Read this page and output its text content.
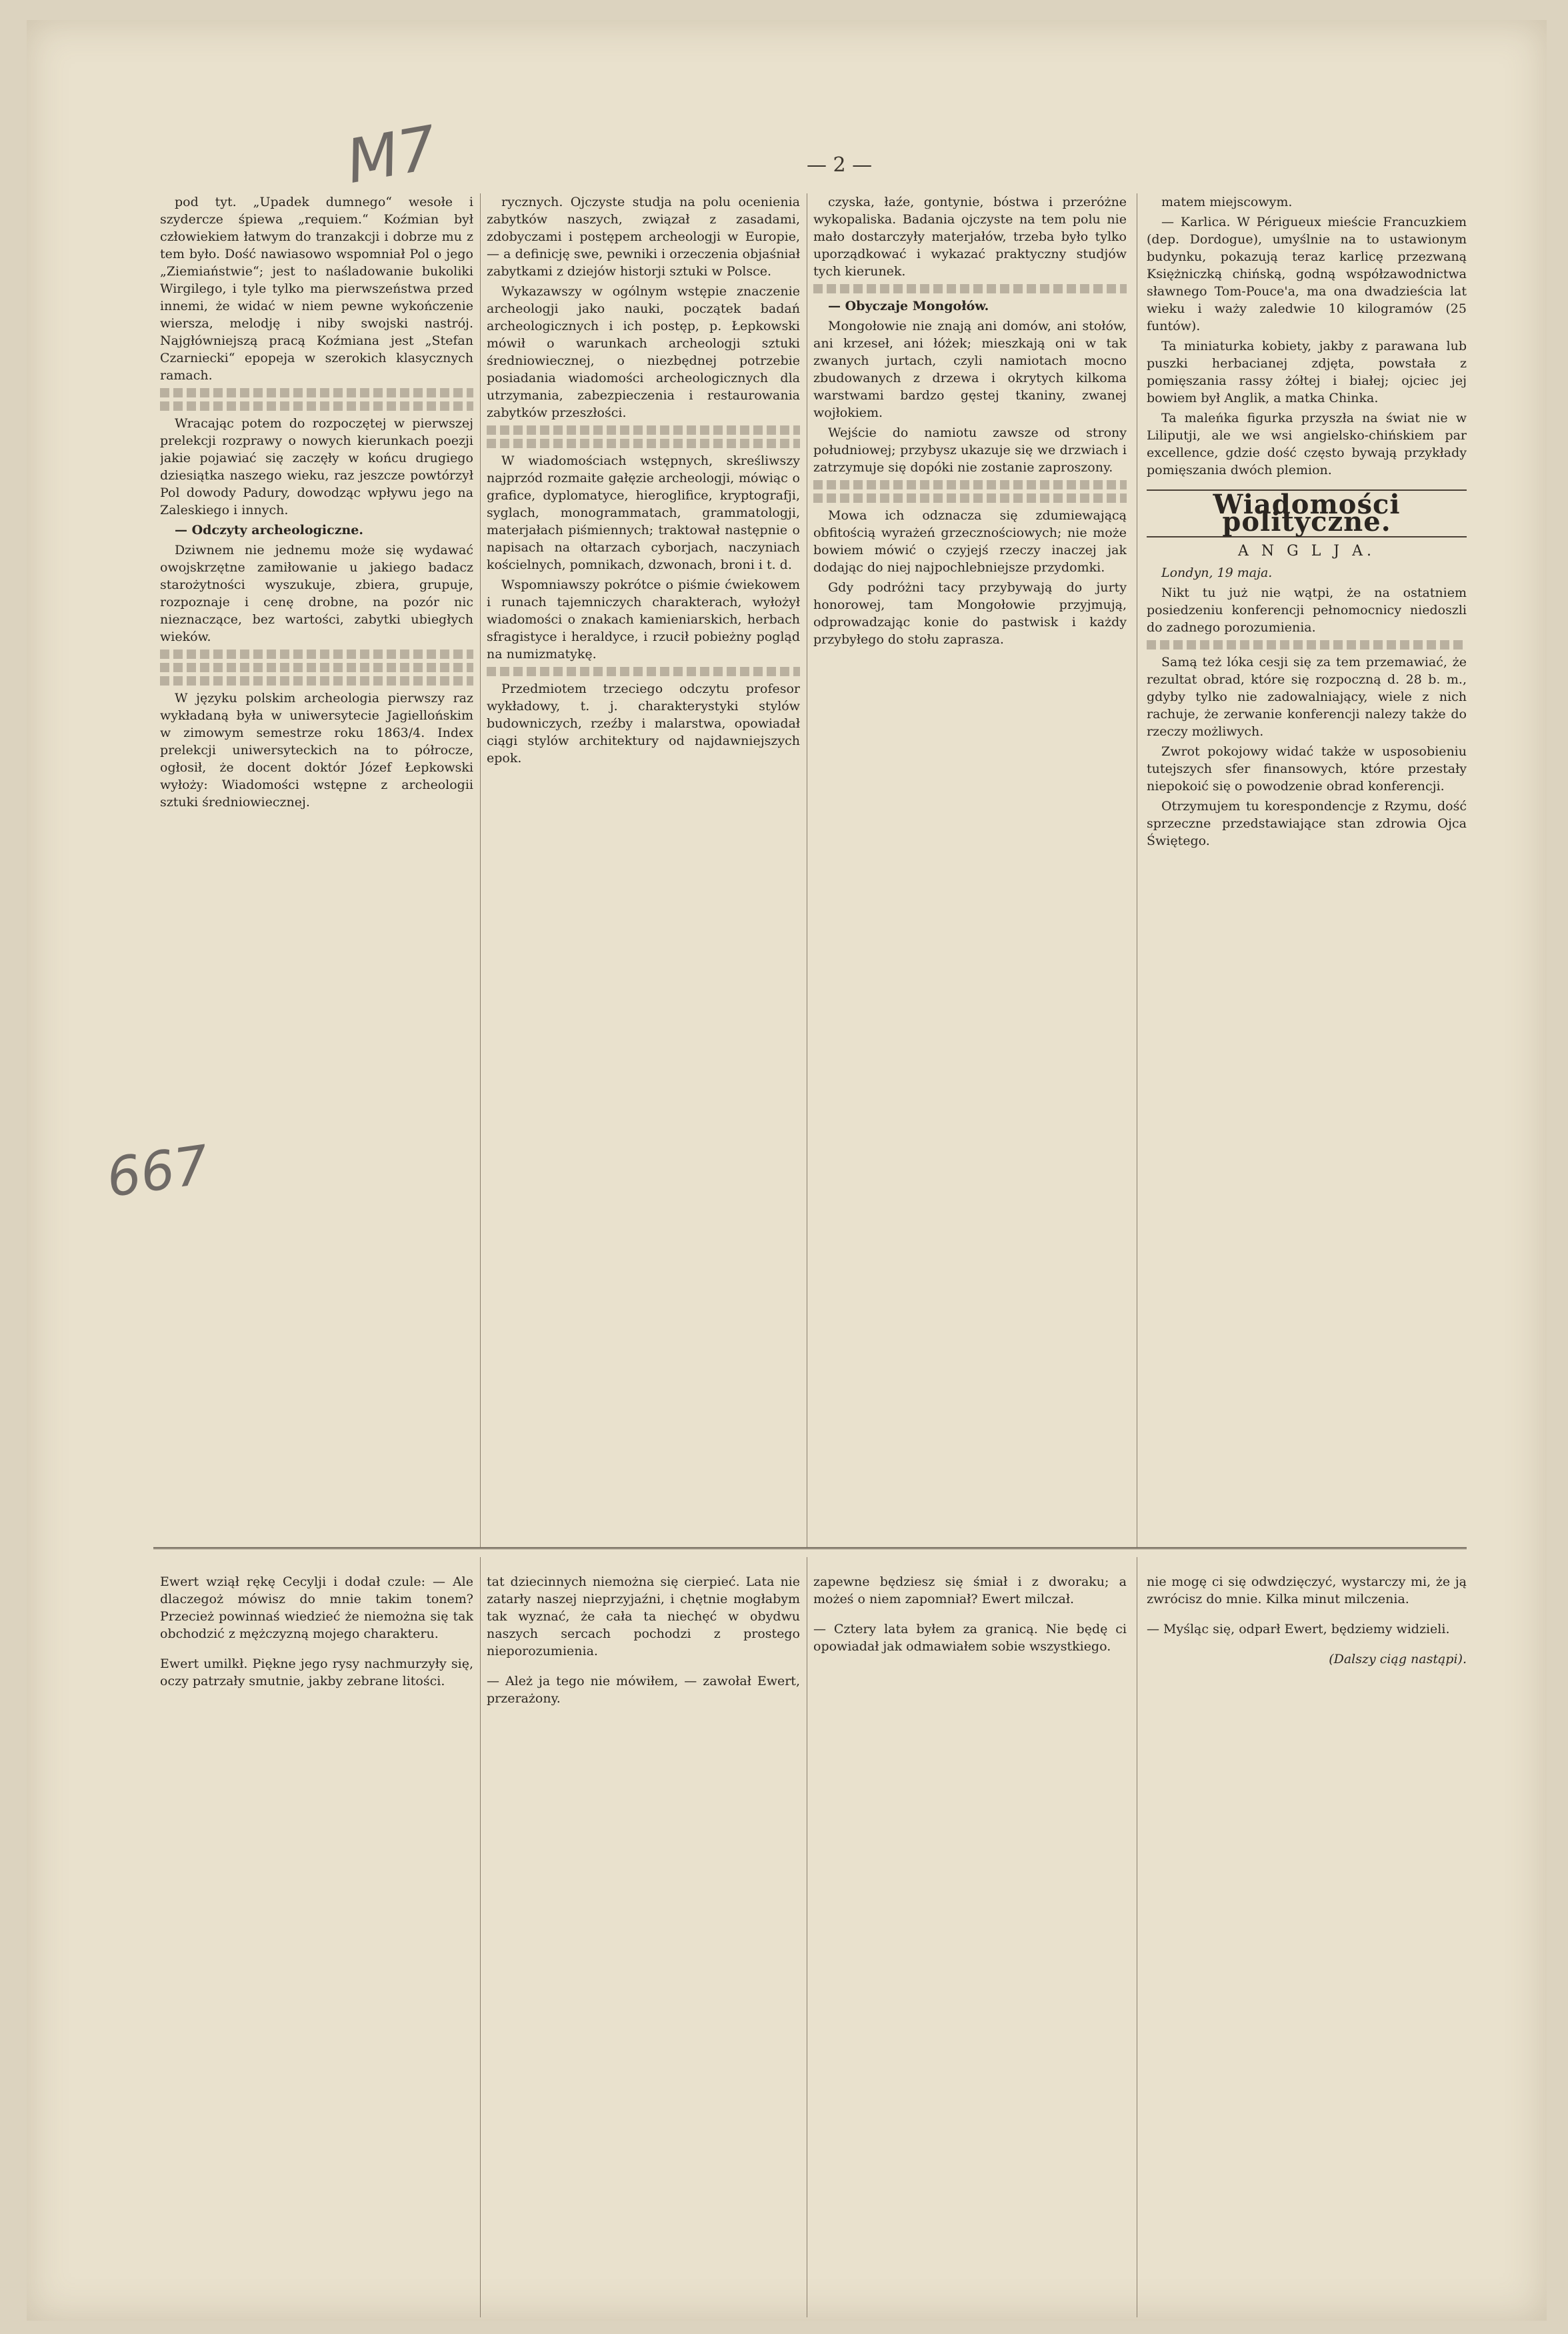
— 2 —
M7
667

pod tyt. „Upadek dumnego“ wesołe i szydercze śpiewa „requiem.“ Koźmian był człowiekiem łatwym do tranzakcji i dobrze mu z tem było. Dość nawiasowo wspomniał Pol o jego „Ziemiaństwie“; jest to naśladowanie bukoliki Wirgilego, i tyle tylko ma pierwszeństwa przed innemi, że widać w niem pewne wykończenie wiersza, melodję i niby swojski nastrój. Najgłówniejszą pracą Koźmiana jest „Stefan Czarniecki“ epopeja w szerokich klasycznych ramach.

Wracając potem do rozpoczętej w pierwszej prelekcji rozprawy o nowych kierunkach poezji jakie pojawiać się zaczęły w końcu drugiego dziesiątka naszego wieku, raz jeszcze powtórzył Pol dowody Padury, dowodząc wpływu jego na Zaleskiego i innych.

— Odczyty archeologiczne.

Dziwnem nie jednemu może się wydawać owojskrzętne zamiłowanie u jakiego badacz starożytności wyszukuje, zbiera, grupuje, rozpoznaje i cenę drobne, na pozór nic nieznaczące, bez wartości, zabytki ubiegłych wieków.

W języku polskim archeologia pierwszy raz wykładaną była w uniwersytecie Jagiellońskim w zimowym semestrze roku 1863/4. Index prelekcji uniwersyteckich na to półrocze, ogłosił, że docent doktór Józef Łepkowski wyłoży: Wiadomości wstępne z archeologii sztuki średniowiecznej.

rycznych. Ojczyste studja na polu ocenienia zabytków naszych, związał z zasadami, zdobyczami i postępem archeologji w Europie, — a definicję swe, pewniki i orzeczenia objaśniał zabytkami z dziejów historji sztuki w Polsce.

Wykazawszy w ogólnym wstępie znaczenie archeologji jako nauki, początek badań archeologicznych i ich postęp, p. Łepkowski mówił o warunkach archeologji sztuki średniowiecznej, o niezbędnej potrzebie posiadania wiadomości archeologicznych dla utrzymania, zabezpieczenia i restaurowania zabytków przeszłości.

W wiadomościach wstępnych, skreśliwszy najprzód rozmaite gałęzie archeologji, mówiąc o grafice, dyplomatyce, hieroglifice, kryptografji, syglach, monogrammatach, grammatologji, materjałach piśmiennych; traktował następnie o napisach na ołtarzach cyborjach, naczyniach kościelnych, pomnikach, dzwonach, broni i t. d.

Wspomniawszy pokrótce o piśmie ćwiekowem i runach tajemniczych charakterach, wyłożył wiadomości o znakach kamieniarskich, herbach sfragistyce i heraldyce, i rzucił pobieżny pogląd na numizmatykę.

Przedmiotem trzeciego odczytu profesor wykładowy, t. j. charakterystyki stylów budowniczych, rzeźby i malarstwa, opowiadał ciągi stylów architektury od najdawniejszych epok.

czyska, łaźe, gontynie, bóstwa i przeróżne wykopaliska. Badania ojczyste na tem polu nie mało dostarczyły materjałów, trzeba było tylko uporządkować i wykazać praktyczny studjów tych kierunek.

— Obyczaje Mongołów.

Mongołowie nie znają ani domów, ani stołów, ani krzeseł, ani łóżek; mieszkają oni w tak zwanych jurtach, czyli namiotach mocno zbudowanych z drzewa i okrytych kilkoma warstwami bardzo gęstej tkaniny, zwanej wojłokiem.

Wejście do namiotu zawsze od strony południowej; przybysz ukazuje się we drzwiach i zatrzymuje się dopóki nie zostanie zaproszony.

Mowa ich odznacza się zdumiewającą obfitością wyrażeń grzecznościowych; nie może bowiem mówić o czyjejś rzeczy inaczej jak dodając do niej najpochlebniejsze przydomki.

Gdy podróżni tacy przybywają do jurty honorowej, tam Mongołowie przyjmują, odprowadzając konie do pastwisk i każdy przybyłego do stołu zaprasza.

matem miejscowym.

— Karlica. W Périgueux mieście Francuzkiem (dep. Dordogue), umyślnie na to ustawionym budynku, pokazują teraz karlicę przezwaną Księżniczką chińską, godną współzawodnictwa sławnego Tom-Pouce'a, ma ona dwadzieścia lat wieku i waży zaledwie 10 kilogramów (25 funtów).

Ta miniaturka kobiety, jakby z parawana lub puszki herbacianej zdjęta, powstała z pomięszania rassy żółtej i białej; ojciec jej bowiem był Anglik, a matka Chinka.

Ta maleńka figurka przyszła na świat nie w Liliputji, ale we wsi angielsko-chińskiem par excellence, gdzie dość często bywają przykłady pomięszania dwóch plemion.

Wiadomości polityczne.
A N G L J A.

Londyn, 19 maja.

Nikt tu już nie wątpi, że na ostatniem posiedzeniu konferencji pełnomocnicy niedoszli do zadnego porozumienia.

Samą też lóka cesji się za tem przemawiać, że rezultat obrad, które się rozpoczną d. 28 b. m., gdyby tylko nie zadowalniający, wiele z nich rachuje, że zerwanie konferencji nalezy także do rzeczy możliwych.

Zwrot pokojowy widać także w usposobieniu tutejszych sfer finansowych, które przestały niepokoić się o powodzenie obrad konferencji.

Otrzymujem tu korespondencje z Rzymu, dość sprzeczne przedstawiające stan zdrowia Ojca Świętego.

Ewert wziął rękę Cecylji i dodał czule: — Ale dlaczegoż mówisz do mnie takim tonem? Przecież powinnaś wiedzieć że niemożna się tak obchodzić z mężczyzną mojego charakteru.

Ewert umilkł. Piękne jego rysy nachmurzyły się, oczy patrzały smutnie, jakby zebrane litości.

tat dziecinnych niemożna się cierpieć. Lata nie zatarły naszej nieprzyjaźni, i chętnie mogłabym tak wyznać, że cała ta niechęć w obydwu naszych sercach pochodzi z prostego nieporozumienia.

— Ależ ja tego nie mówiłem, — zawołał Ewert, przerażony.

zapewne będziesz się śmiał i z dworaku; a możeś o niem zapomniał? Ewert milczał.

— Cztery lata byłem za granicą. Nie będę ci opowiadał jak odmawiałem sobie wszystkiego.

nie mogę ci się odwdzięczyć, wystarczy mi, że ją zwrócisz do mnie. Kilka minut milczenia.

— Myśląc się, odparł Ewert, będziemy widzieli.

(Dalszy ciąg nastąpi).
